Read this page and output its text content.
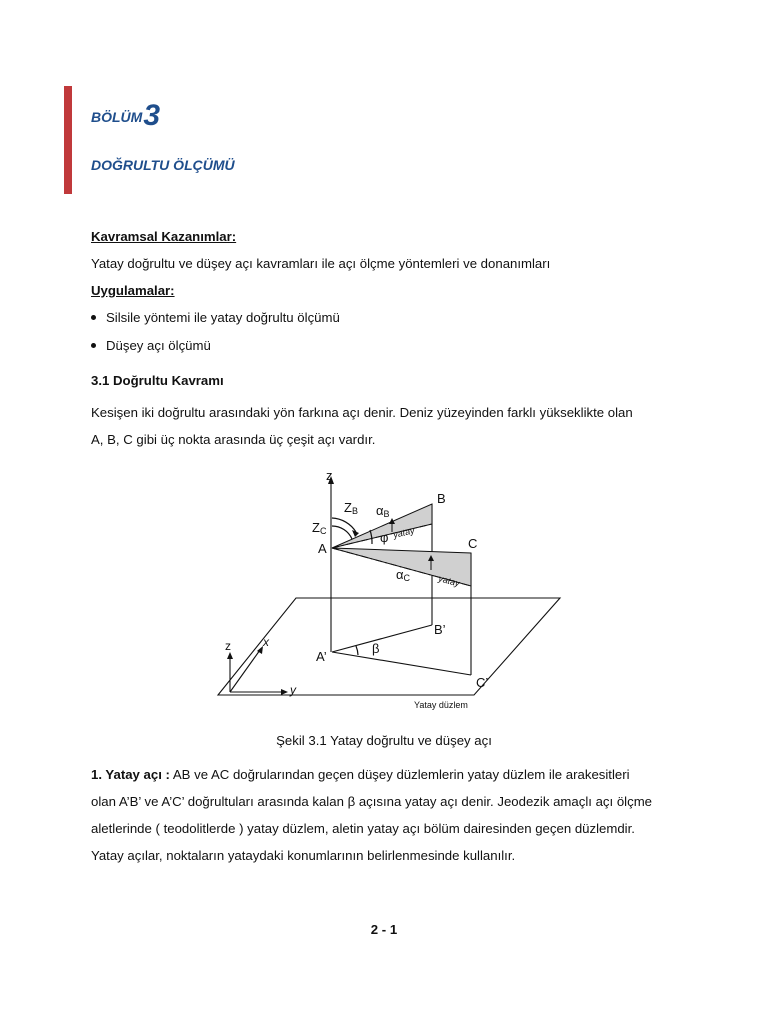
BÖLÜM3
DOĞRULTU ÖLÇÜMÜ
Kavramsal Kazanımlar:
Yatay doğrultu ve düşey açı kavramları ile açı ölçme yöntemleri ve donanımları
Uygulamalar:
Silsile yöntemi ile yatay doğrultu ölçümü
Düşey açı ölçümü
3.1 Doğrultu Kavramı
Kesişen iki doğrultu arasındaki yön farkına açı denir. Deniz yüzeyinden farklı yükseklikte olan
A, B, C gibi üç nokta arasında üç çeşit açı vardır.
z
ZC
ZB αB
φ yatay
A
B
C
αC	yatay
B’
A’
β
C’
z	x
y
Yatay düzlem
Şekil 3.1 Yatay doğrultu ve düşey açı
1. Yatay açı : AB ve AC doğrularından geçen düşey düzlemlerin yatay düzlem ile arakesitleri
olan A’B’ ve A’C’ doğrultuları arasında kalan β açısına yatay açı denir. Jeodezik amaçlı açı ölçme
aletlerinde ( teodolitlerde ) yatay düzlem, aletin yatay açı bölüm dairesinden geçen düzlemdir.
Yatay açılar, noktaların yataydaki konumlarının belirlenmesinde kullanılır.
2 - 1
